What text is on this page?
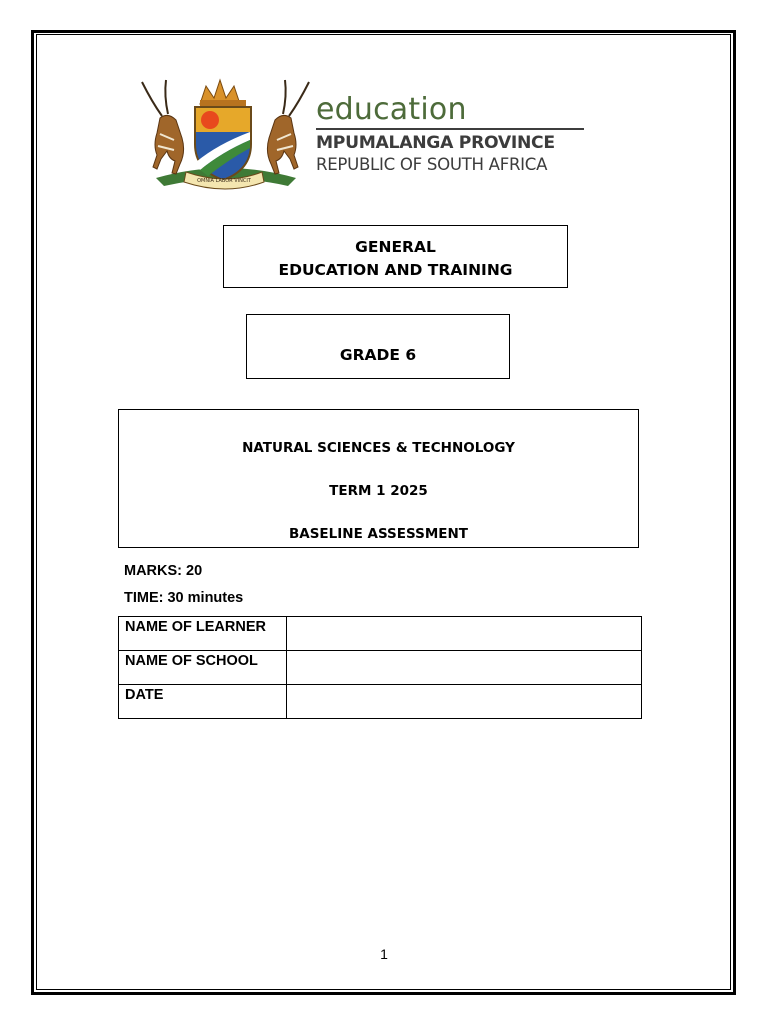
OMNIA LABOR VINCIT
education
MPUMALANGA PROVINCE
REPUBLIC OF SOUTH AFRICA
GENERAL
EDUCATION AND TRAINING
GRADE 6
NATURAL SCIENCES & TECHNOLOGY
TERM 1 2025
BASELINE ASSESSMENT
MARKS: 20
TIME: 30 minutes
NAME OF LEARNER	
NAME OF SCHOOL	
DATE	
1
